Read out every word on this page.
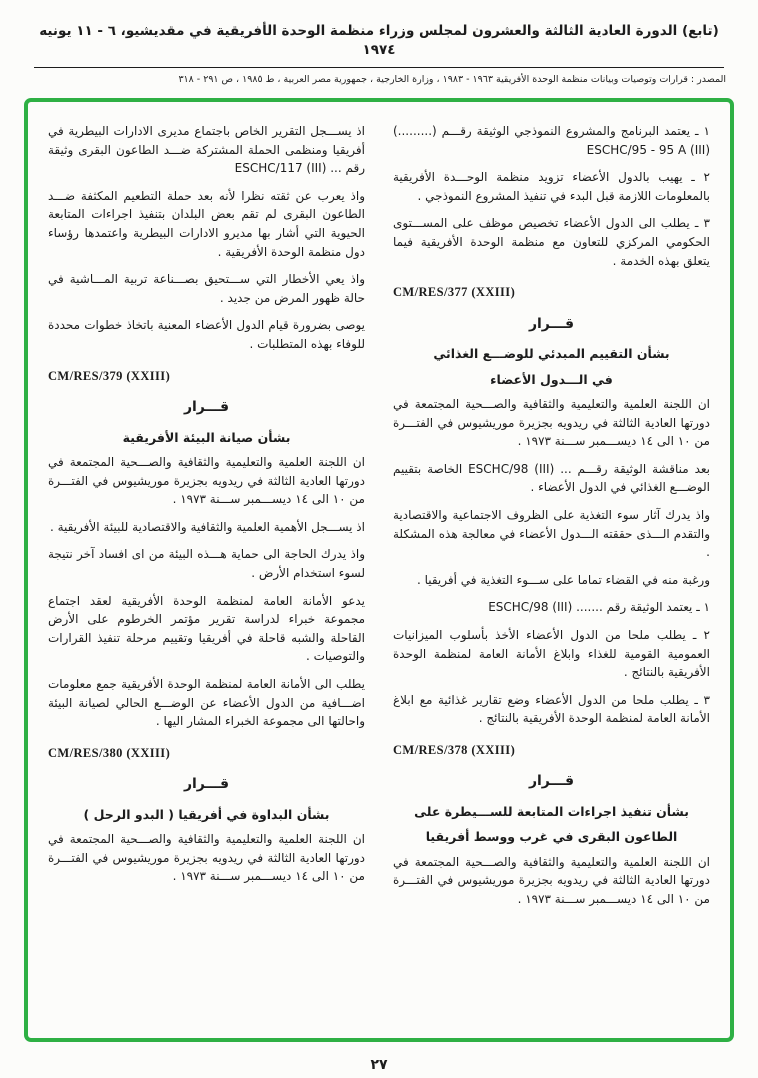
(تابع) الدورة العادية الثالثة والعشرون لمجلس وزراء منظمة الوحدة الأفريقية في مقديشيو، ٦ - ١١ يونيه ١٩٧٤
المصدر : قرارات وتوصيات وبيانات منظمة الوحدة الأفريقية ١٩٦٣ - ١٩٨٣ ، وزارة الخارجية ، جمهورية مصر العربية ، ط ١٩٨٥ ، ص ٢٩١ - ٣١٨
١ ـ يعتمد البرنامج والمشروع النموذجي الوثيقة رقـــم (.........) ESCHC/95 - 95 A (III)
٢ ـ يهيب بالدول الأعضاء تزويد منظمة الوحـــدة الأفريقية بالمعلومات اللازمة قبل البدء في تنفيذ المشروع النموذجي .
٣ ـ يطلب الى الدول الأعضاء تخصيص موظف على المســـتوى الحكومي المركزي للتعاون مع منظمة الوحدة الأفريقية فيما يتعلق بهذه الخدمة .
CM/RES/377 (XXIII)
قـــرار
بشأن التقييم المبدئي للوضـــع الغذائي
في الـــدول الأعضاء
ان اللجنة العلمية والتعليمية والثقافية والصـــحية المجتمعة في دورتها العادية الثالثة في ريدويه بجزيرة موريشيوس في الفتـــرة من ١٠ الى ١٤ ديســـمبر ســـنة ١٩٧٣ .
بعد مناقشة الوثيقة رقـــم ... ESCHC/98 (III) الخاصة بتقييم الوضـــع الغذائي في الدول الأعضاء .
واذ يدرك آثار سوء التغذية على الظروف الاجتماعية والاقتصادية والتقدم الـــذى حققته الـــدول الأعضاء في معالجة هذه المشكلة .
ورغبة منه في القضاء تماما على ســـوء التغذية في أفريقيا .
١ ـ يعتمد الوثيقة رقم ....... ESCHC/98 (III)
٢ ـ يطلب ملحا من الدول الأعضاء الأخذ بأسلوب الميزانيات العمومية القومية للغذاء وابلاغ الأمانة العامة لمنظمة الوحدة الأفريقية بالنتائج .
٣ ـ يطلب ملحا من الدول الأعضاء وضع تقارير غذائية مع ابلاغ الأمانة العامة لمنظمة الوحدة الأفريقية بالنتائج .
CM/RES/378 (XXIII)
قـــرار
بشأن تنفيذ اجراءات المتابعة للســـيطرة على
الطاعون البقرى في غرب ووسط أفريقيا
ان اللجنة العلمية والتعليمية والثقافية والصـــحية المجتمعة في دورتها العادية الثالثة في ريدويه بجزيرة موريشيوس في الفتـــرة من ١٠ الى ١٤ ديســـمبر ســـنة ١٩٧٣ .
اذ يســـجل التقرير الخاص باجتماع مديرى الادارات البيطرية في أفريقيا ومنظمى الحملة المشتركة ضـــد الطاعون البقرى وثيقة رقم ... ESCHC/117 (III)
واذ يعرب عن ثقته نظرا لأنه بعد حملة التطعيم المكثفة ضـــد الطاعون البقرى لم تقم بعض البلدان بتنفيذ اجراءات المتابعة الحيوية التي أشار بها مديرو الادارات البيطرية واعتمدها رؤساء دول منظمة الوحدة الأفريقية .
واذ يعي الأخطار التي ســـتحيق بصـــناعة تربية المـــاشية في حالة ظهور المرض من جديد .
يوصى بضرورة قيام الدول الأعضاء المعنية باتخاذ خطوات محددة للوفاء بهذه المتطلبات .
CM/RES/379 (XXIII)
قـــرار
بشأن صيانة البيئة الأفريقية
ان اللجنة العلمية والتعليمية والثقافية والصـــحية المجتمعة في دورتها العادية الثالثة في ريدويه بجزيرة موريشيوس في الفتـــرة من ١٠ الى ١٤ ديســـمبر ســـنة ١٩٧٣ .
اذ يســـجل الأهمية العلمية والثقافية والاقتصادية للبيئة الأفريقية .
واذ يدرك الحاجة الى حماية هـــذه البيئة من اى افساد آخر نتيجة لسوء استخدام الأرض .
يدعو الأمانة العامة لمنظمة الوحدة الأفريقية لعقد اجتماع مجموعة خبراء لدراسة تقرير مؤتمر الخرطوم على الأرض القاحلة والشبه قاحلة في أفريقيا وتقييم مرحلة تنفيذ القرارات والتوصيات .
يطلب الى الأمانة العامة لمنظمة الوحدة الأفريقية جمع معلومات اضـــافية من الدول الأعضاء عن الوضـــع الحالي لصيانة البيئة واحالتها الى مجموعة الخبراء المشار اليها .
CM/RES/380 (XXIII)
قـــرار
بشأن البداوة في أفريقيا ( البدو الرحل )
ان اللجنة العلمية والتعليمية والثقافية والصـــحية المجتمعة في دورتها العادية الثالثة في ريدويه بجزيرة موريشيوس في الفتـــرة من ١٠ الى ١٤ ديســـمبر ســـنة ١٩٧٣ .
٢٧
